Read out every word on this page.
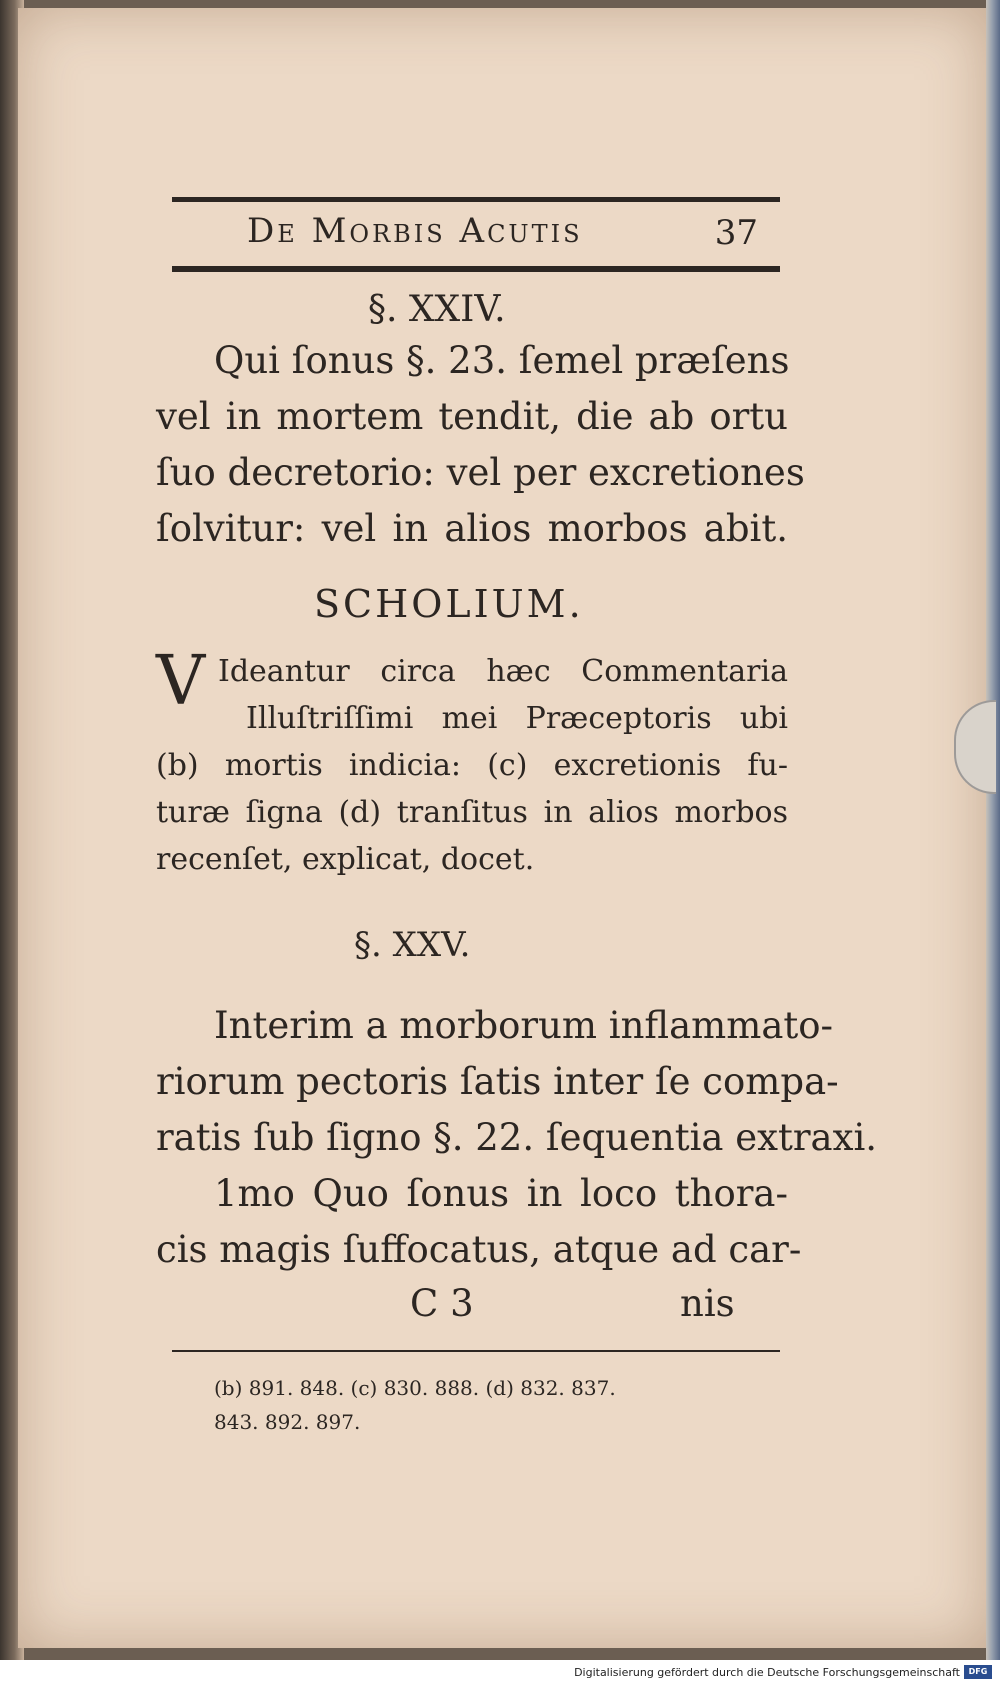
De Morbis Acutis	37
§. XXIV.
Qui ſonus §. 23. ſemel præſens
vel in mortem tendit, die ab ortu
ſuo decretorio: vel per excretiones
ſolvitur: vel in alios morbos abit.
SCHOLIUM.
V Ideantur circa hæc Commentaria
Illuſtriſſimi mei Præceptoris ubi
(b) mortis indicia: (c) excretionis fu-
turæ ſigna (d) tranſitus in alios morbos
recenſet, explicat, docet.
§. XXV.
Interim a morborum inflammato-
riorum pectoris ſatis inter ſe compa-
ratis ſub ſigno §. 22. ſequentia extraxi.
1mo Quo ſonus in loco thora-
cis magis ſuffocatus, atque ad car-
C 3	nis
(b) 891. 848. (c) 830. 888. (d) 832. 837.
843. 892. 897.
Digitalisierung gefördert durch die Deutsche Forschungsgemeinschaft	DFG
